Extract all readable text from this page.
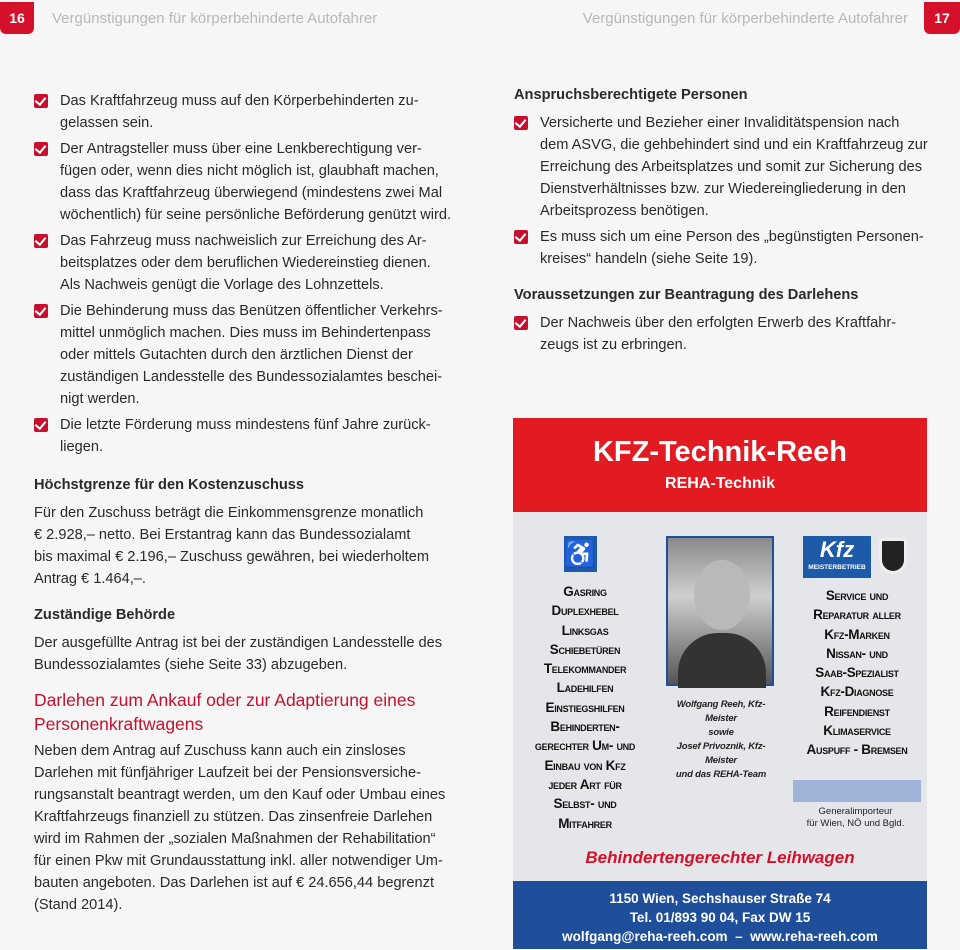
16	Vergünstigungen für körperbehinderte Autofahrer	Vergünstigungen für körperbehinderte Autofahrer	17
Das Kraftfahrzeug muss auf den Körperbehinderten zu-
gelassen sein.
Der Antragsteller muss über eine Lenkberechtigung ver-
fügen oder, wenn dies nicht möglich ist, glaubhaft machen,
dass das Kraftfahrzeug überwiegend (mindestens zwei Mal
wöchentlich) für seine persönliche Beförderung genützt wird.
Das Fahrzeug muss nachweislich zur Erreichung des Ar-
beitsplatzes oder dem beruflichen Wiedereinstieg dienen.
Als Nachweis genügt die Vorlage des Lohnzettels.
Die Behinderung muss das Benützen öffentlicher Verkehrs-
mittel unmöglich machen. Dies muss im Behindertenpass
oder mittels Gutachten durch den ärztlichen Dienst der
zuständigen Landesstelle des Bundessozialamtes beschei-
nigt werden.
Die letzte Förderung muss mindestens fünf Jahre zurück-
liegen.
Höchstgrenze für den Kostenzuschuss
Für den Zuschuss beträgt die Einkommensgrenze monatlich
€ 2.928,– netto. Bei Erstantrag kann das Bundessozialamt
bis maximal € 2.196,– Zuschuss gewähren, bei wiederholtem
Antrag € 1.464,–.
Zuständige Behörde
Der ausgefüllte Antrag ist bei der zuständigen Landesstelle des
Bundessozialamtes (siehe Seite 33) abzugeben.
Darlehen zum Ankauf oder zur Adaptierung eines
Personenkraftwagens
Neben dem Antrag auf Zuschuss kann auch ein zinsloses
Darlehen mit fünfjähriger Laufzeit bei der Pensionsversiche-
rungsanstalt beantragt werden, um den Kauf oder Umbau eines
Kraftfahrzeugs finanziell zu stützen. Das zinsenfreie Darlehen
wird im Rahmen der „sozialen Maßnahmen der Rehabilitation“
für einen Pkw mit Grundausstattung inkl. aller notwendiger Um-
bauten angeboten. Das Darlehen ist auf € 24.656,44 begrenzt
(Stand 2014).
Anspruchsberechtigete Personen
Versicherte und Bezieher einer Invaliditätspension nach
dem ASVG, die gehbehindert sind und ein Kraftfahrzeug zur
Erreichung des Arbeitsplatzes und somit zur Sicherung des
Dienstverhältnisses bzw. zur Wiedereingliederung in den
Arbeitsprozess benötigen.
Es muss sich um eine Person des „begünstigten Personen-
kreises“ handeln (siehe Seite 19).
Voraussetzungen zur Beantragung des Darlehens
Der Nachweis über den erfolgten Erwerb des Kraftfahr-
zeugs ist zu erbringen.
KFZ-Technik-Reeh
REHA-Technik
♿	Kfz
MEISTERBETRIEB
Gasring
Duplexhebel
Linksgas
Schiebetüren
Telekommander
Ladehilfen
Einstiegshilfen
Behinderten-
gerechter Um- und
Einbau von Kfz
jeder Art für
Selbst- und
Mitfahrer
Wolfgang Reeh, Kfz-Meister
sowie
Josef Privoznik, Kfz-Meister
und das REHA-Team
Service und
Reparatur aller
Kfz-Marken
Nissan- und
Saab-Spezialist
Kfz-Diagnose
Reifendienst
Klimaservice
Auspuff - Bremsen
Generalimporteur
für Wien, NÖ und Bgld.
Behindertengerechter Leihwagen
1150 Wien, Sechshauser Straße 74
Tel. 01/893 90 04, Fax DW 15
wolfgang@reha-reeh.com  –  www.reha-reeh.com
